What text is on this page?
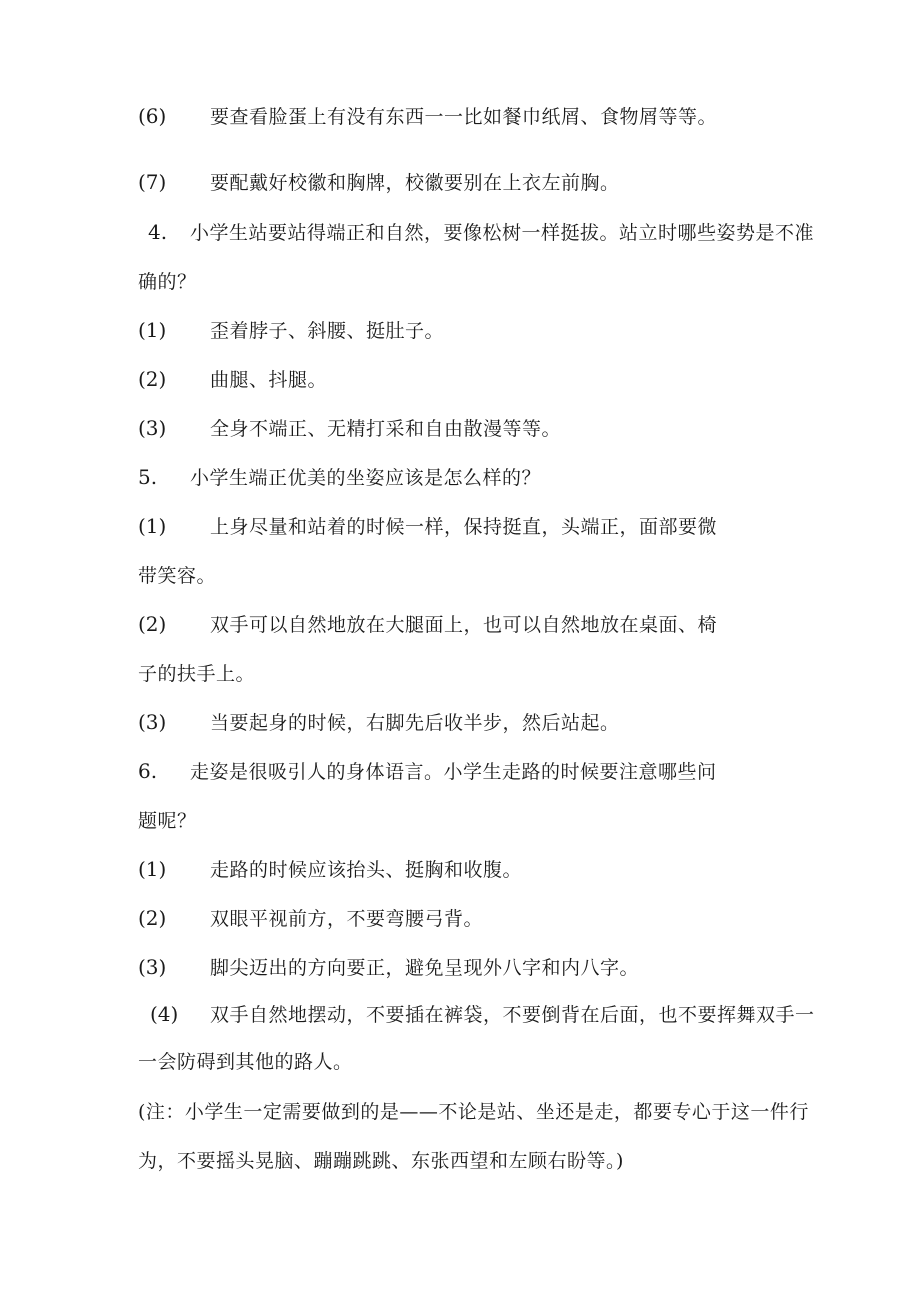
(6) 要查看脸蛋上有没有东西一一比如餐巾纸屑、食物屑等等。
(7) 要配戴好校徽和胸牌，校徽要别在上衣左前胸。
4. 小学生站要站得端正和自然，要像松树一样挺拔。站立时哪些姿势是不准
确的？
(1) 歪着脖子、斜腰、挺肚子。
(2) 曲腿、抖腿。
(3) 全身不端正、无精打采和自由散漫等等。
5. 小学生端正优美的坐姿应该是怎么样的？
(1) 上身尽量和站着的时候一样，保持挺直，头端正，面部要微
带笑容。
(2) 双手可以自然地放在大腿面上，也可以自然地放在桌面、椅
子的扶手上。
(3) 当要起身的时候，右脚先后收半步，然后站起。
6. 走姿是很吸引人的身体语言。小学生走路的时候要注意哪些问
题呢？
(1) 走路的时候应该抬头、挺胸和收腹。
(2) 双眼平视前方，不要弯腰弓背。
(3) 脚尖迈出的方向要正，避免呈现外八字和内八字。
(4) 双手自然地摆动，不要插在裤袋，不要倒背在后面，也不要挥舞双手一
一会防碍到其他的路人。
(注：小学生一定需要做到的是——不论是站、坐还是走，都要专心于这一件行
为，不要摇头晃脑、蹦蹦跳跳、东张西望和左顾右盼等。)
